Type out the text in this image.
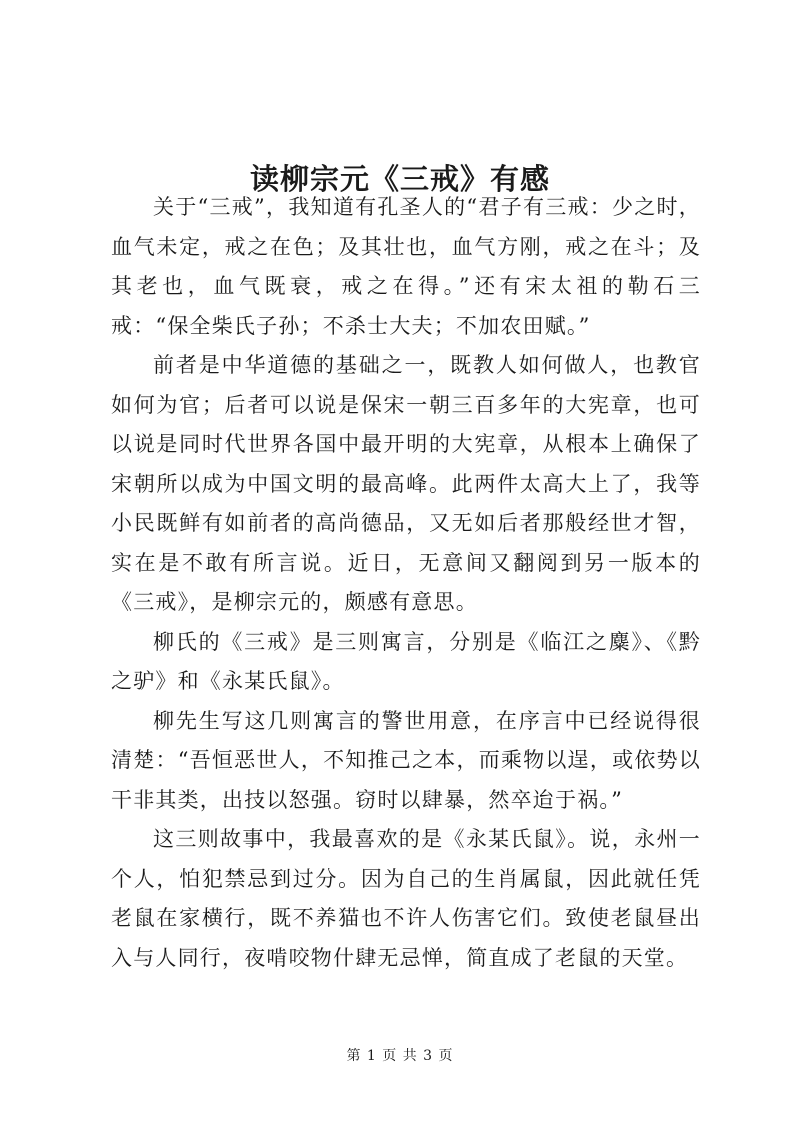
读柳宗元《三戒》有感

关于“三戒”，我知道有孔圣人的“君子有三戒：少之时，血气未定，戒之在色；及其壮也，血气方刚，戒之在斗；及其老也，血气既衰，戒之在得。”还有宋太祖的勒石三戒：“保全柴氏子孙；不杀士大夫；不加农田赋。”

前者是中华道德的基础之一，既教人如何做人，也教官如何为官；后者可以说是保宋一朝三百多年的大宪章，也可以说是同时代世界各国中最开明的大宪章，从根本上确保了宋朝所以成为中国文明的最高峰。此两件太高大上了，我等小民既鲜有如前者的高尚德品，又无如后者那般经世才智，实在是不敢有所言说。近日，无意间又翻阅到另一版本的《三戒》，是柳宗元的，颇感有意思。

柳氏的《三戒》是三则寓言，分别是《临江之麋》、《黔之驴》和《永某氏鼠》。

柳先生写这几则寓言的警世用意，在序言中已经说得很清楚：“吾恒恶世人，不知推己之本，而乘物以逞，或依势以干非其类，出技以怒强。窃时以肆暴，然卒迨于祸。”

这三则故事中，我最喜欢的是《永某氏鼠》。说，永州一个人，怕犯禁忌到过分。因为自己的生肖属鼠，因此就任凭老鼠在家横行，既不养猫也不许人伤害它们。致使老鼠昼出入与人同行，夜啃咬物什肆无忌惮，简直成了老鼠的天堂。

第 1 页 共 3 页
